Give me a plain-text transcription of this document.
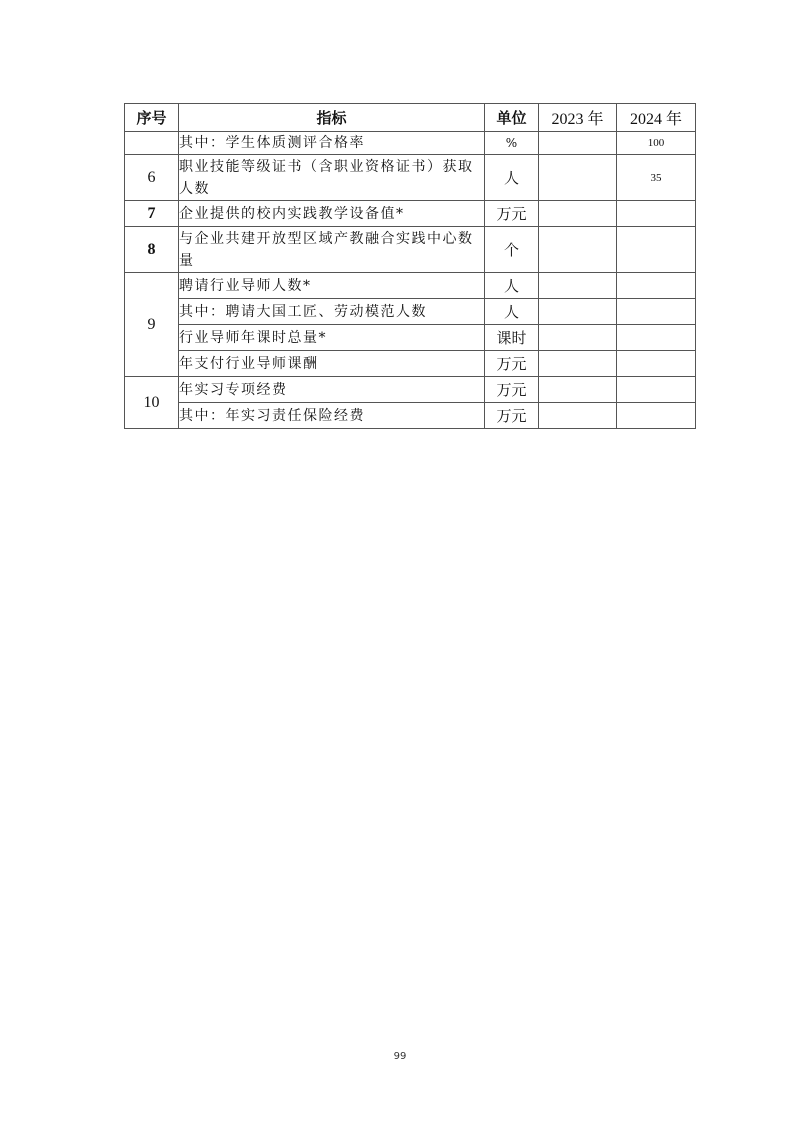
序号	指标	单位	2023 年	2024 年
	其中：学生体质测评合格率	%		100
6	职业技能等级证书（含职业资格证书）获取人数	人		35
7	企业提供的校内实践教学设备值*	万元		
8	与企业共建开放型区域产教融合实践中心数量	个		
9	聘请行业导师人数*	人		
	其中：聘请大国工匠、劳动模范人数	人		
	行业导师年课时总量*	课时		
	年支付行业导师课酬	万元		
10	年实习专项经费	万元		
	其中：年实习责任保险经费	万元		
99
